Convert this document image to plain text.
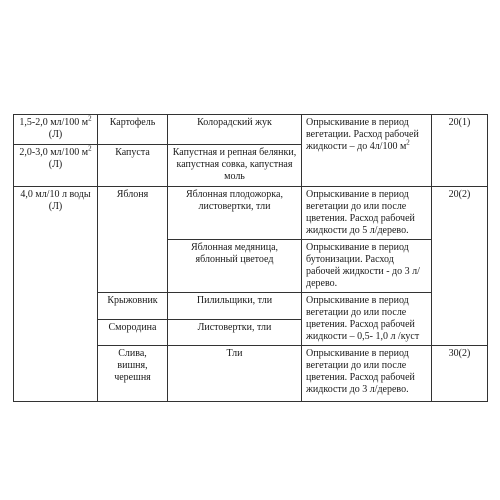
1,5-2,0 мл/100 $м^2$ (Л)	Картофель	Колорадский жук	Опрыскивание в период вегетации. Расход рабочей жидкости – до 4л/100 $м^2$	20(1)
2,0-3,0 мл/100 $м^2$ (Л)	Капуста	Капустная и репная белянки, капустная совка, капустная моль		
4,0 мл/10 л воды (Л)	Яблоня	Яблонная плодожорка, листовертки, тли	Опрыскивание в период вегетации до или после цветения. Расход рабочей жидкости до 5 л/дерево.	20(2)
		Яблонная медяница, яблонный цветоед	Опрыскивание в период бутонизации. Расход рабочей жидкости - до 3 л/дерево.	
	Крыжовник	Пилильщики, тли	Опрыскивание в период вегетации до или после цветения. Расход рабочей жидкости – 0,5- 1,0 л /куст	
	Смородина	Листовертки, тли		
	Слива, вишня, черешня	Тли	Опрыскивание в период вегетации до или после цветения. Расход рабочей жидкости до 3 л/дерево.	30(2)
